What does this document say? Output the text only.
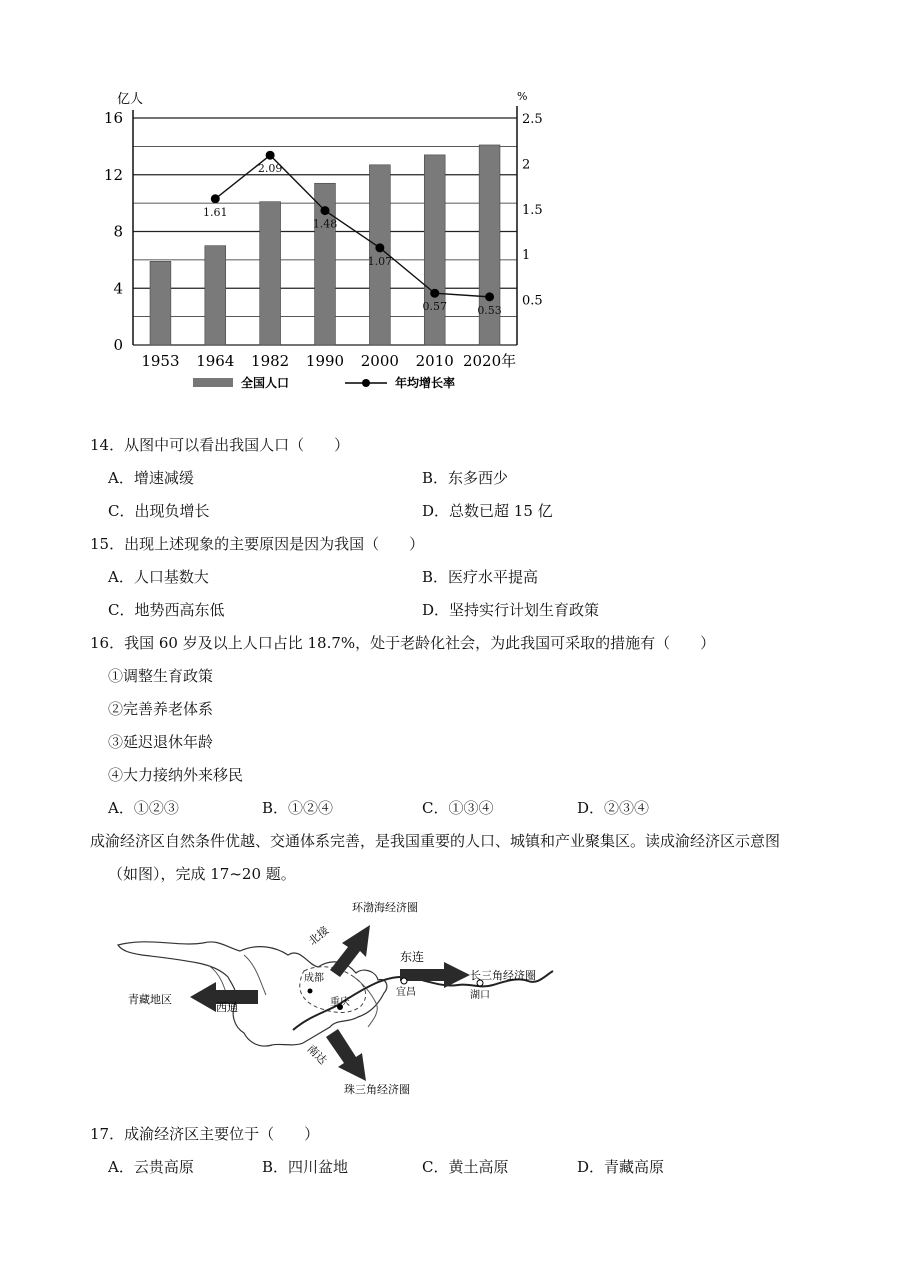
1.61
2.09
1.48
1.07
0.57	0.53
0
4
8
12
16
0.5
1
1.5
2
2.5
1953 1964 1982 1990 2000 2010 2020年
亿人	%
全国人口	年均增长率
14．从图中可以看出我国人口（　　）
A．增速减缓	B．东多西少
C．出现负增长	D．总数已超 15 亿
15．出现上述现象的主要原因是因为我国（　　）
A．人口基数大	B．医疗水平提高
C．地势西高东低	D．坚持实行计划生育政策
16．我国 60 岁及以上人口占比 18.7%，处于老龄化社会，为此我国可采取的措施有（　　）
①调整生育政策
②完善养老体系
③延迟退休年龄
④大力接纳外来移民
A．①②③	B．①②④	C．①③④	D．②③④
成渝经济区自然条件优越、交通体系完善，是我国重要的人口、城镇和产业聚集区。读成渝经济区示意图
（如图），完成 17~20 题。
环渤海经济圈
北接
东连
长三角经济圈
青藏地区
西通
成都
重庆
宜昌	湖口
南达
珠三角经济圈
17．成渝经济区主要位于（　　）
A．云贵高原	B．四川盆地	C．黄土高原	D．青藏高原
